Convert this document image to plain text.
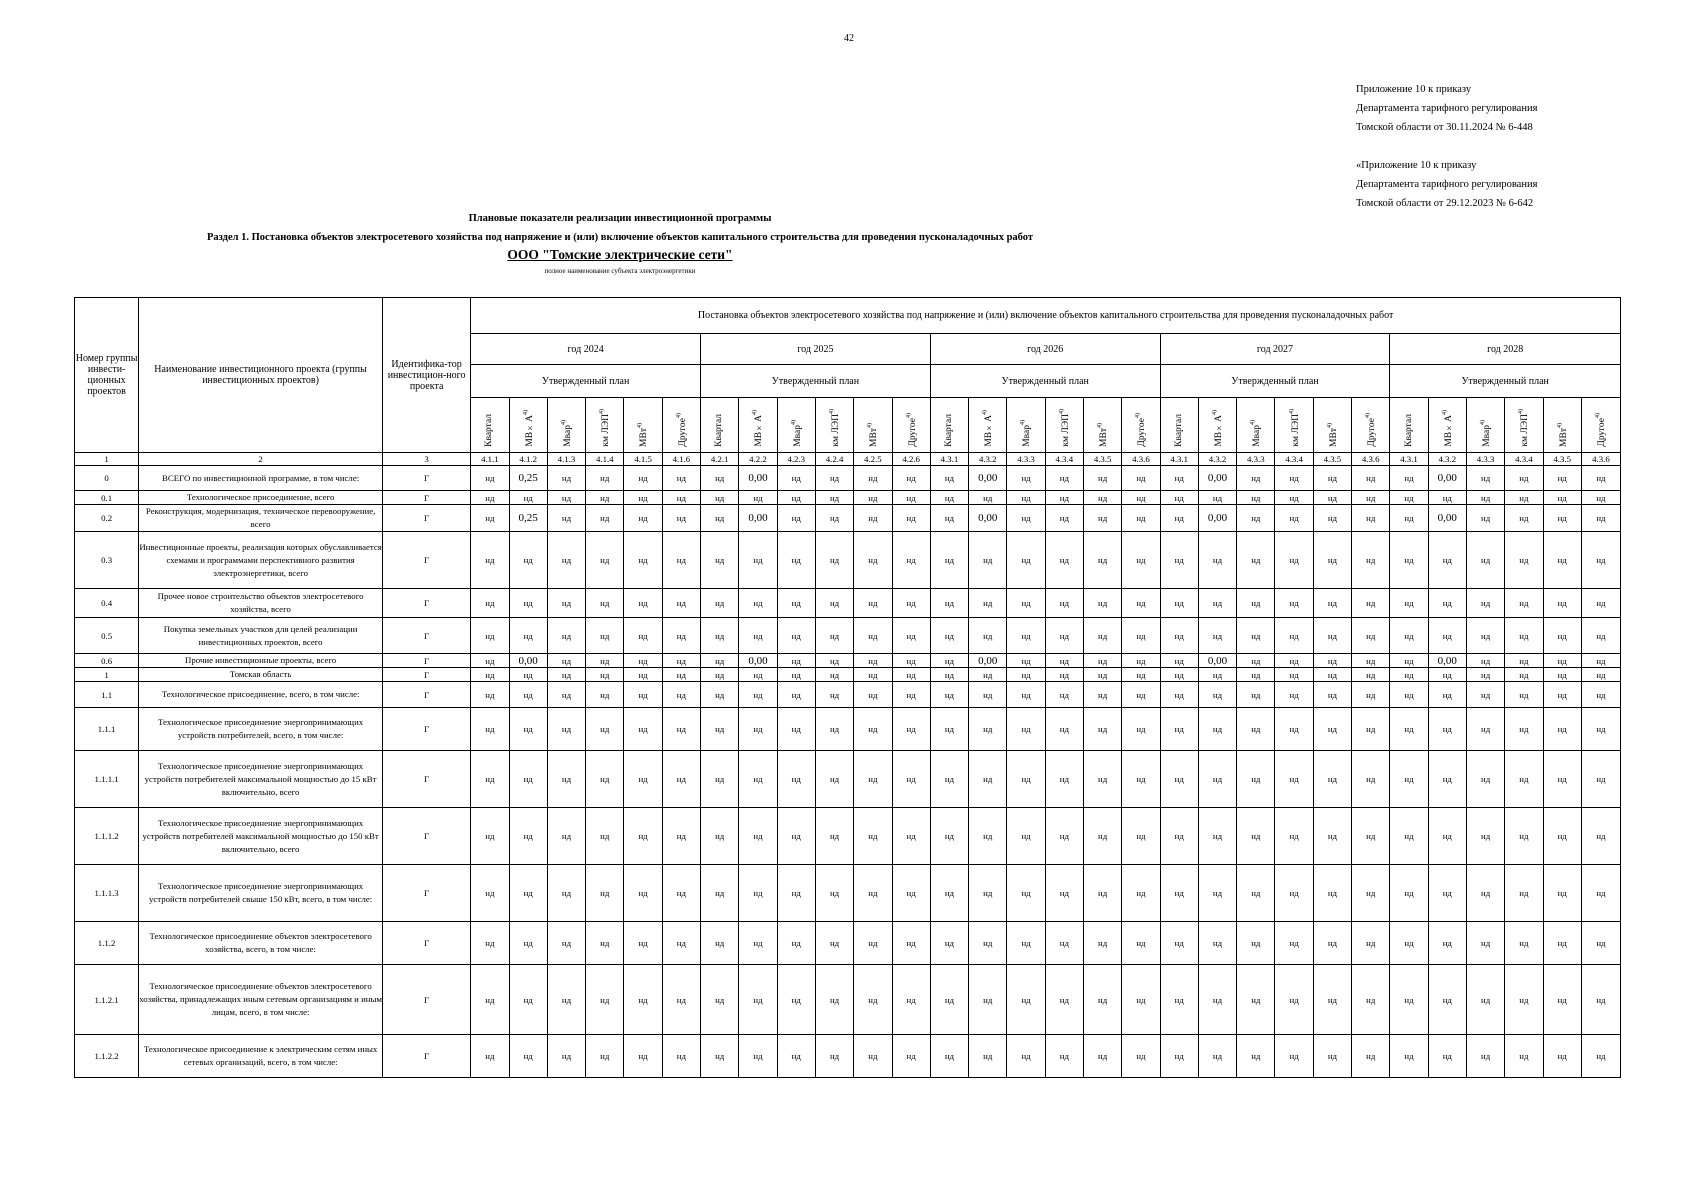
42
Приложение 10 к приказу
Департамента тарифного регулирования
Томской области от 30.11.2024 № 6-448
«Приложение 10 к приказу
Департамента тарифного регулирования
Томской области от 29.12.2023 № 6-642
Плановые показатели реализации инвестиционной программы
Раздел 1. Постановка объектов электросетевого хозяйства под напряжение и (или) включение объектов капитального строительства для проведения пусконаладочных работ
ООО "Томские электрические сети"
полное наименование субъекта электроэнергетики
Номер группы инвести-ционных проектов	Наименование инвестиционного проекта (группы инвестиционных проектов)	Идентифика-тор инвестицион-ного проекта	Постановка объектов электросетевого хозяйства под напряжение и (или) включение объектов капитального строительства для проведения пусконаладочных работ																													
			год 2024						год 2025						год 2026						год 2027						год 2028					
			Утвержденный план						Утвержденный план						Утвержденный план						Утвержденный план						Утвержденный план					
			Квартал	$МВ\times А^{4)}$	Мвар$^{4)}$	км ЛЭП$^{4)}$	МВт$^{4)}$	Другое$^{4)}$	Квартал	$МВ\times А^{4)}$	Мвар$^{4)}$	км ЛЭП$^{4)}$	МВт$^{4)}$	Другое$^{4)}$	Квартал	$МВ\times А^{4)}$	Мвар$^{4)}$	км ЛЭП$^{4)}$	МВт$^{4)}$	Другое$^{4)}$	Квартал	$МВ\times А^{4)}$	Мвар$^{4)}$	км ЛЭП$^{4)}$	МВт$^{4)}$	Другое$^{4)}$	Квартал	$МВ\times А^{4)}$	Мвар$^{4)}$	км ЛЭП$^{4)}$	МВт$^{4)}$	Другое$^{4)}$
1	2	3	4.1.1	4.1.2	4.1.3	4.1.4	4.1.5	4.1.6	4.2.1	4.2.2	4.2.3	4.2.4	4.2.5	4.2.6	4.3.1	4.3.2	4.3.3	4.3.4	4.3.5	4.3.6	4.3.1	4.3.2	4.3.3	4.3.4	4.3.5	4.3.6	4.3.1	4.3.2	4.3.3	4.3.4	4.3.5	4.3.6
0	ВСЕГО по инвестиционной программе, в том числе:	Г	нд	0,25	нд	нд	нд	нд	нд	0,00	нд	нд	нд	нд	нд	0,00	нд	нд	нд	нд	нд	0,00	нд	нд	нд	нд	нд	0,00	нд	нд	нд	нд
0.1	Технологическое присоединение, всего	Г	нд	нд	нд	нд	нд	нд	нд	нд	нд	нд	нд	нд	нд	нд	нд	нд	нд	нд	нд	нд	нд	нд	нд	нд	нд	нд	нд	нд	нд	нд
0.2	Реконструкция, модернизация, техническое перевооружение, всего	Г	нд	0,25	нд	нд	нд	нд	нд	0,00	нд	нд	нд	нд	нд	0,00	нд	нд	нд	нд	нд	0,00	нд	нд	нд	нд	нд	0,00	нд	нд	нд	нд
0.3	Инвестиционные проекты, реализация которых обуславливается схемами и программами перспективного развития электроэнергетики, всего	Г	нд	нд	нд	нд	нд	нд	нд	нд	нд	нд	нд	нд	нд	нд	нд	нд	нд	нд	нд	нд	нд	нд	нд	нд	нд	нд	нд	нд	нд	нд
0.4	Прочее новое строительство объектов электросетевого хозяйства, всего	Г	нд	нд	нд	нд	нд	нд	нд	нд	нд	нд	нд	нд	нд	нд	нд	нд	нд	нд	нд	нд	нд	нд	нд	нд	нд	нд	нд	нд	нд	нд
0.5	Покупка земельных участков для целей реализации инвестиционных проектов, всего	Г	нд	нд	нд	нд	нд	нд	нд	нд	нд	нд	нд	нд	нд	нд	нд	нд	нд	нд	нд	нд	нд	нд	нд	нд	нд	нд	нд	нд	нд	нд
0.6	Прочие инвестиционные проекты, всего	Г	нд	0,00	нд	нд	нд	нд	нд	0,00	нд	нд	нд	нд	нд	0,00	нд	нд	нд	нд	нд	0,00	нд	нд	нд	нд	нд	0,00	нд	нд	нд	нд
1	Томская область	Г	нд	нд	нд	нд	нд	нд	нд	нд	нд	нд	нд	нд	нд	нд	нд	нд	нд	нд	нд	нд	нд	нд	нд	нд	нд	нд	нд	нд	нд	нд
1.1	Технологическое присоединение, всего, в том числе:	Г	нд	нд	нд	нд	нд	нд	нд	нд	нд	нд	нд	нд	нд	нд	нд	нд	нд	нд	нд	нд	нд	нд	нд	нд	нд	нд	нд	нд	нд	нд
1.1.1	Технологическое присоединение энергопринимающих устройств потребителей, всего, в том числе:	Г	нд	нд	нд	нд	нд	нд	нд	нд	нд	нд	нд	нд	нд	нд	нд	нд	нд	нд	нд	нд	нд	нд	нд	нд	нд	нд	нд	нд	нд	нд
1.1.1.1	Технологическое присоединение энергопринимающих устройств потребителей максимальной мощностью до 15 кВт включительно, всего	Г	нд	нд	нд	нд	нд	нд	нд	нд	нд	нд	нд	нд	нд	нд	нд	нд	нд	нд	нд	нд	нд	нд	нд	нд	нд	нд	нд	нд	нд	нд
1.1.1.2	Технологическое присоединение энергопринимающих устройств потребителей максимальной мощностью до 150 кВт включительно, всего	Г	нд	нд	нд	нд	нд	нд	нд	нд	нд	нд	нд	нд	нд	нд	нд	нд	нд	нд	нд	нд	нд	нд	нд	нд	нд	нд	нд	нд	нд	нд
1.1.1.3	Технологическое присоединение энергопринимающих устройств потребителей свыше 150 кВт, всего, в том числе:	Г	нд	нд	нд	нд	нд	нд	нд	нд	нд	нд	нд	нд	нд	нд	нд	нд	нд	нд	нд	нд	нд	нд	нд	нд	нд	нд	нд	нд	нд	нд
1.1.2	Технологическое присоединение объектов электросетевого хозяйства, всего, в том числе:	Г	нд	нд	нд	нд	нд	нд	нд	нд	нд	нд	нд	нд	нд	нд	нд	нд	нд	нд	нд	нд	нд	нд	нд	нд	нд	нд	нд	нд	нд	нд
1.1.2.1	Технологическое присоединение объектов электросетевого хозяйства, принадлежащих иным сетевым организациям и иным лицам, всего, в том числе:	Г	нд	нд	нд	нд	нд	нд	нд	нд	нд	нд	нд	нд	нд	нд	нд	нд	нд	нд	нд	нд	нд	нд	нд	нд	нд	нд	нд	нд	нд	нд
1.1.2.2	Технологическое присоединение к электрическим сетям иных сетевых организаций, всего, в том числе:	Г	нд	нд	нд	нд	нд	нд	нд	нд	нд	нд	нд	нд	нд	нд	нд	нд	нд	нд	нд	нд	нд	нд	нд	нд	нд	нд	нд	нд	нд	нд
